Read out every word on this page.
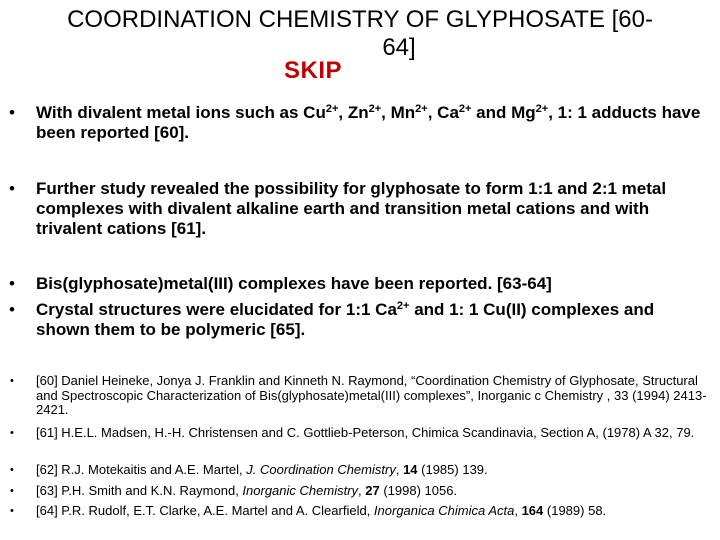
COORDINATION CHEMISTRY OF GLYPHOSATE [60-
64]
SKIP
• With divalent metal ions such as $Cu^{2+}$, $Zn^{2+}$, $Mn^{2+}$, $Ca^{2+}$ and $Mg^{2+}$, 1: 1 adducts have been reported [60].
• Further study revealed the possibility for glyphosate to form 1:1 and 2:1 metal complexes with divalent alkaline earth and transition metal cations and with trivalent cations [61].
• Bis(glyphosate)metal(III) complexes have been reported. [63-64]
• Crystal structures were elucidated for 1:1 $Ca^{2+}$ and 1: 1 Cu(II) complexes and shown them to be polymeric [65].
• [60] Daniel Heineke, Jonya J. Franklin and Kinneth N. Raymond, “Coordination Chemistry of Glyphosate, Structural and Spectroscopic Characterization of Bis(glyphosate)metal(III) complexes”, Inorganic c Chemistry , 33 (1994) 2413-2421.
• [61] H.E.L. Madsen, H.-H. Christensen and C. Gottlieb-Peterson, Chimica Scandinavia, Section A, (1978) A 32, 79.
• [62] R.J. Motekaitis and A.E. Martel, J. Coordination Chemistry, 14 (1985) 139.
• [63] P.H. Smith and K.N. Raymond, Inorganic Chemistry, 27 (1998) 1056.
• [64] P.R. Rudolf, E.T. Clarke, A.E. Martel and A. Clearfield, Inorganica Chimica Acta, 164 (1989) 58.
